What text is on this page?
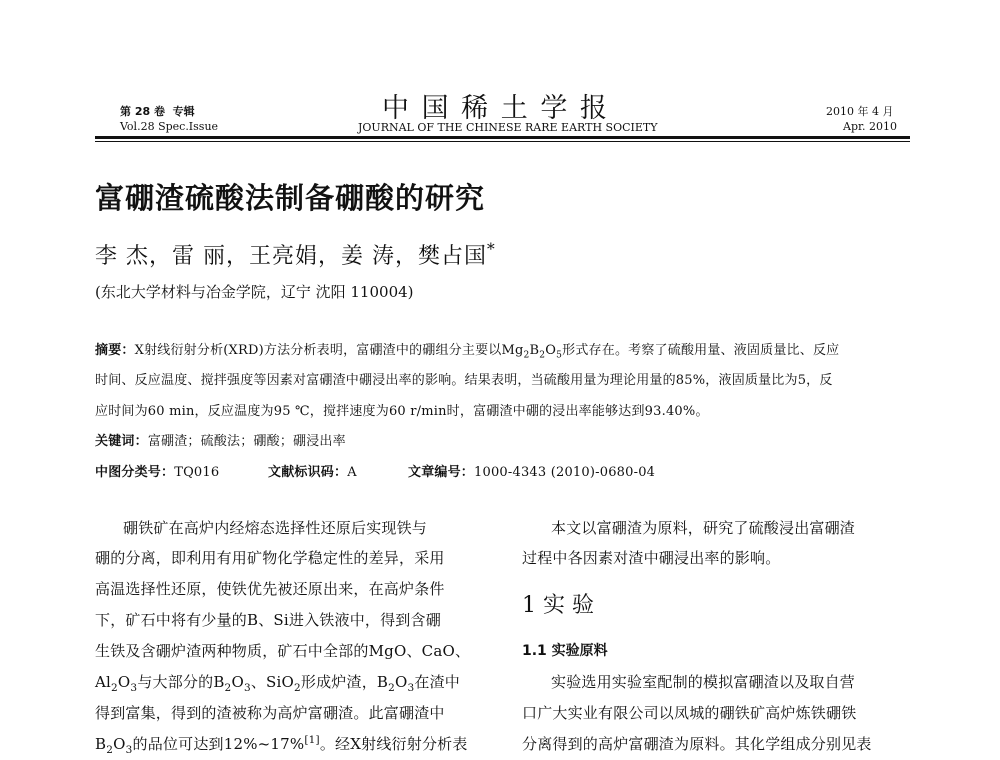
第 28 卷 专辑
Vol.28 Spec.Issue
中 国 稀 土 学 报
JOURNAL OF THE CHINESE RARE EARTH SOCIETY
2010 年 4 月
Apr. 2010
富硼渣硫酸法制备硼酸的研究
李 杰，雷 丽，王亮娟，姜 涛，樊占国*
(东北大学材料与冶金学院，辽宁 沈阳 110004)
摘要：X射线衍射分析(XRD)方法分析表明，富硼渣中的硼组分主要以$Mg_2B_2O_5$形式存在。考察了硫酸用量、液固质量比、反应
时间、反应温度、搅拌强度等因素对富硼渣中硼浸出率的影响。结果表明，当硫酸用量为理论用量的85%，液固质量比为5，反
应时间为60 min，反应温度为95 ℃，搅拌速度为60 r/min时，富硼渣中硼的浸出率能够达到93.40%。
关键词：富硼渣；硫酸法；硼酸；硼浸出率
中图分类号：TQ016	文献标识码：A	文章编号：1000-4343 (2010)-0680-04
硼铁矿在高炉内经熔态选择性还原后实现铁与
硼的分离，即利用有用矿物化学稳定性的差异，采用
高温选择性还原，使铁优先被还原出来，在高炉条件
下，矿石中将有少量的B、Si进入铁液中，得到含硼
生铁及含硼炉渣两种物质，矿石中全部的MgO、CaO、
$Al_2O_3$与大部分的$B_2O_3$、SiO$_2$形成炉渣，$B_2O_3$在渣中
得到富集，得到的渣被称为高炉富硼渣。此富硼渣中
$B_2O_3$的品位可达到12%~17%[1]。经X射线衍射分析表
本文以富硼渣为原料，研究了硫酸浸出富硼渣
过程中各因素对渣中硼浸出率的影响。
1 实 验
1.1 实验原料
实验选用实验室配制的模拟富硼渣以及取自营
口广大实业有限公司以凤城的硼铁矿高炉炼铁硼铁
分离得到的高炉富硼渣为原料。其化学组成分别见表
